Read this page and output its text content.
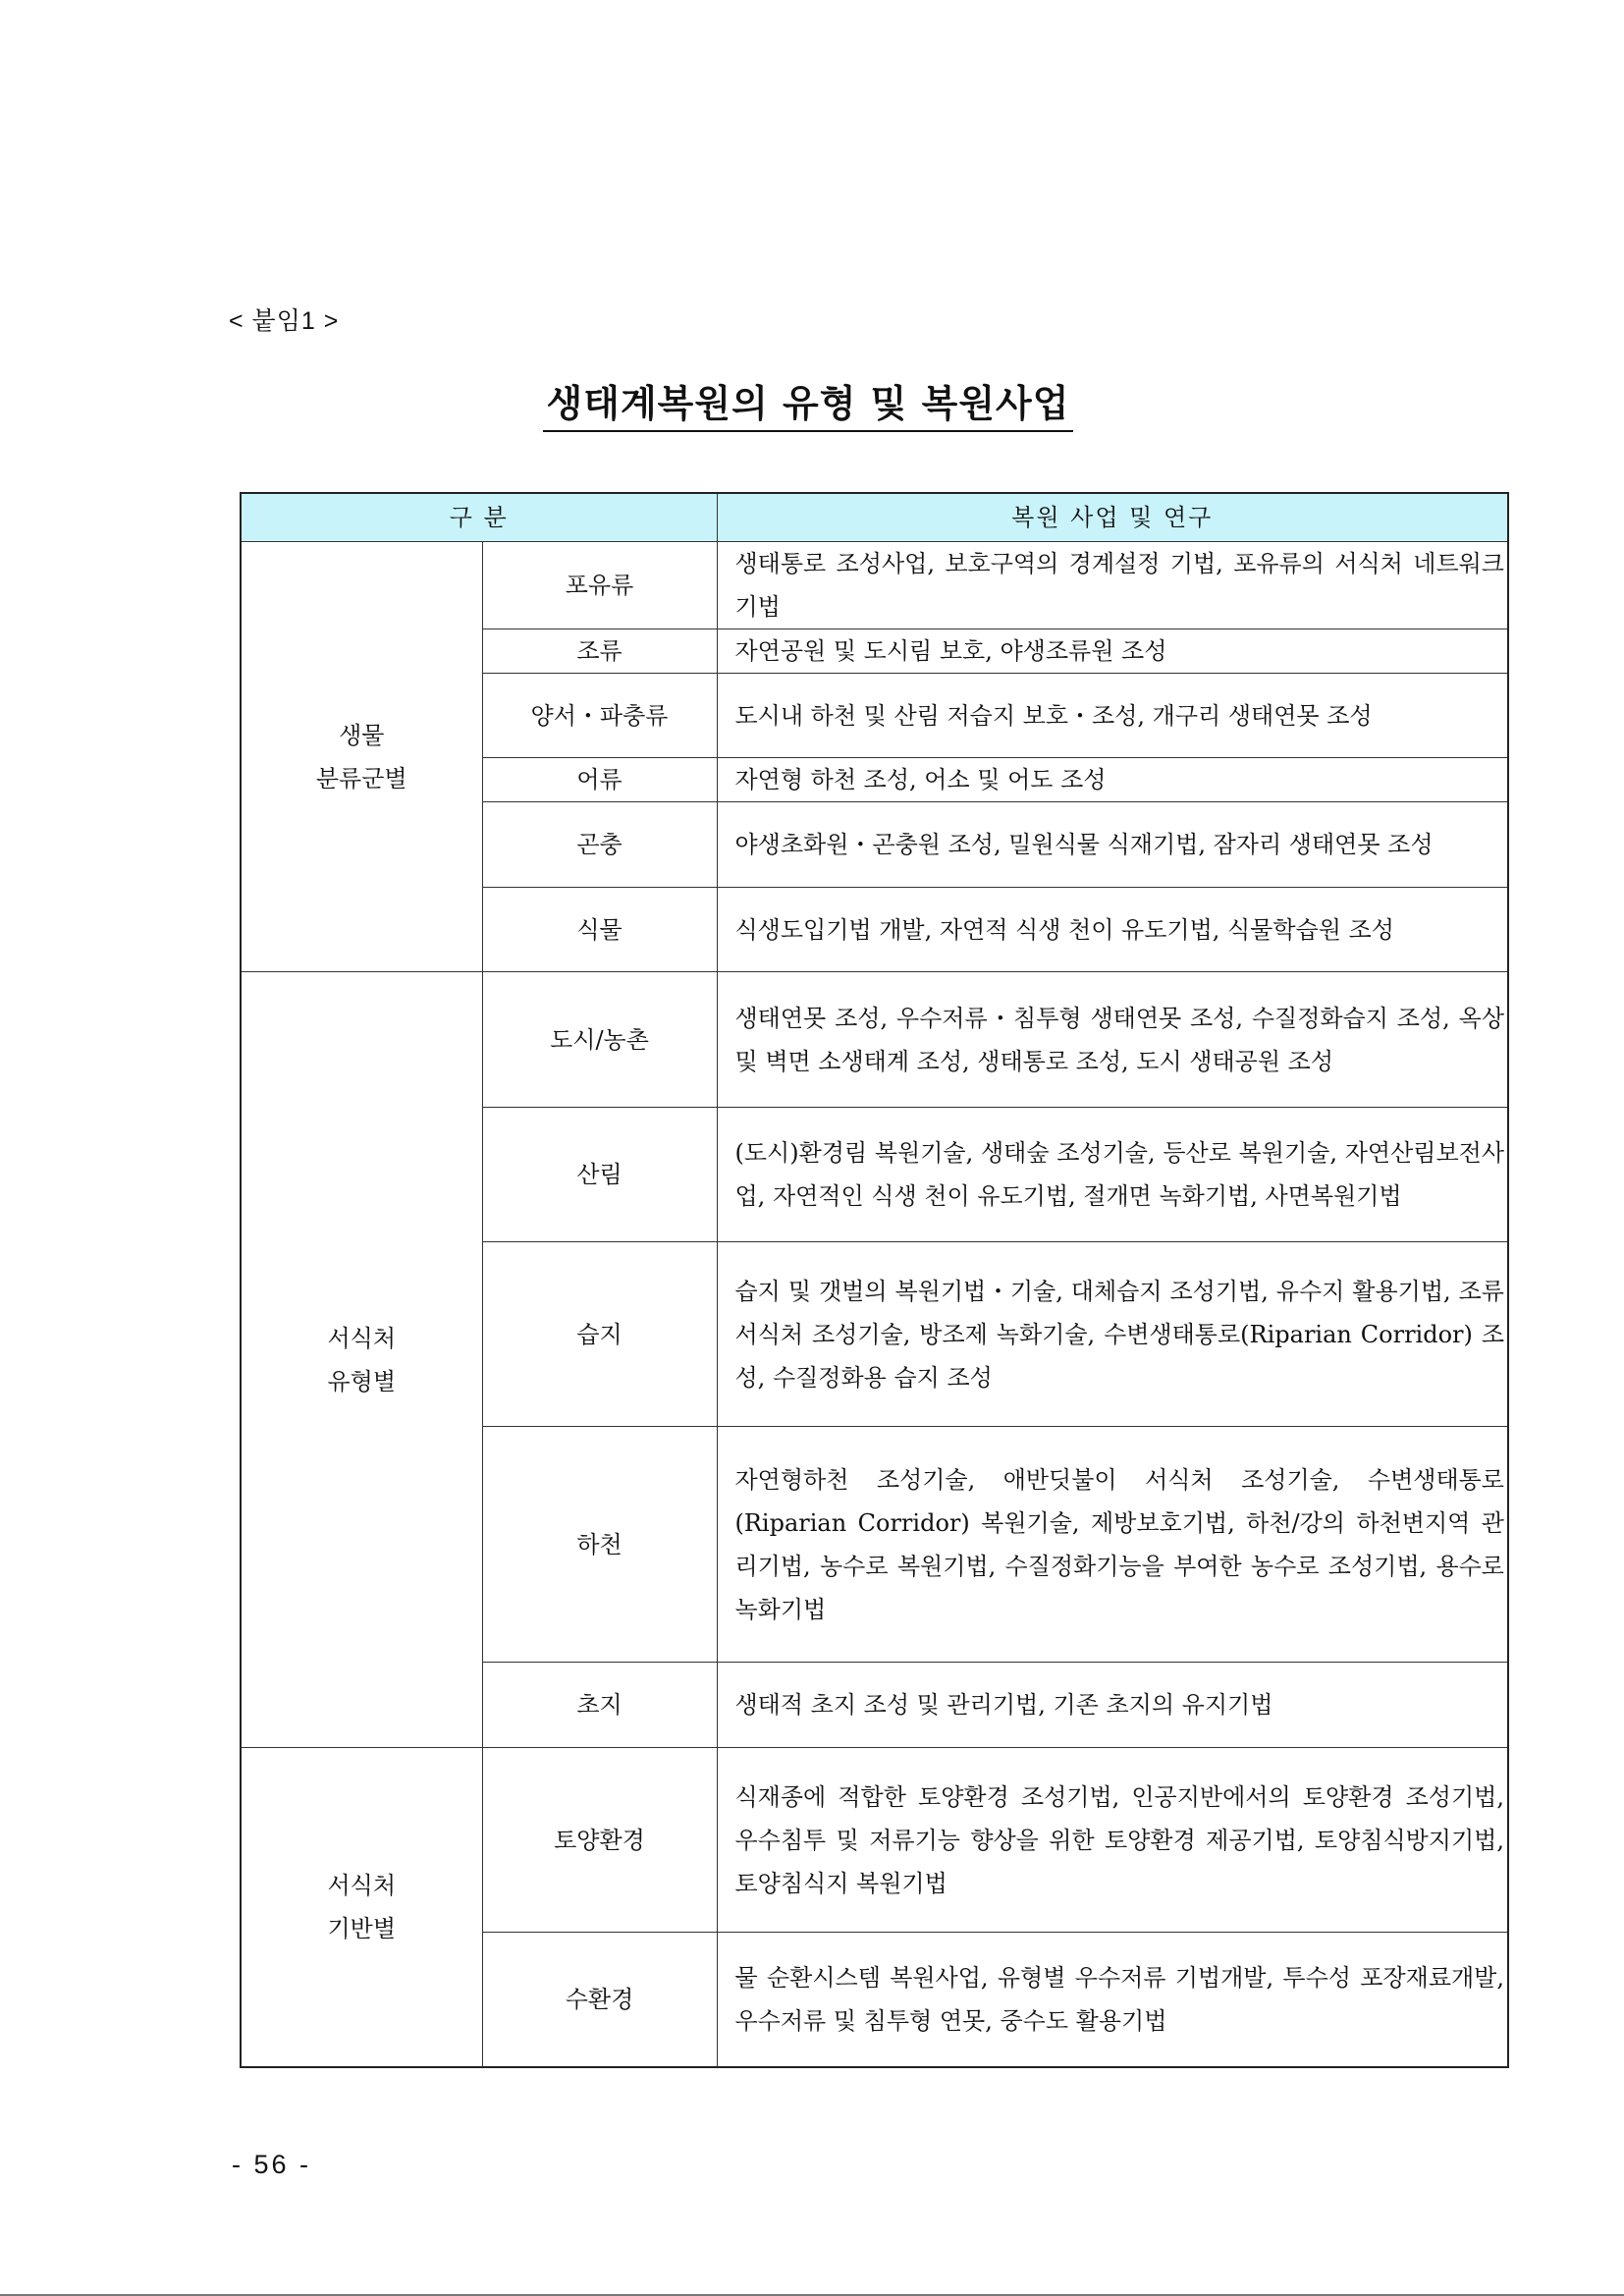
< 붙임1 >
생태계복원의 유형 및 복원사업
구 분		복원 사업 및 연구
생물
분류군별	포유류	생태통로 조성사업, 보호구역의 경계설정 기법, 포유류의 서식처 네트워크 기법
	조류	자연공원 및 도시림 보호, 야생조류원 조성
	양서・파충류	도시내 하천 및 산림 저습지 보호・조성, 개구리 생태연못 조성
	어류	자연형 하천 조성, 어소 및 어도 조성
	곤충	야생초화원・곤충원 조성, 밀원식물 식재기법, 잠자리 생태연못 조성
	식물	식생도입기법 개발, 자연적 식생 천이 유도기법, 식물학습원 조성
서식처
유형별	도시/농촌	생태연못 조성, 우수저류・침투형 생태연못 조성, 수질정화습지 조성, 옥상 및 벽면 소생태계 조성, 생태통로 조성, 도시 생태공원 조성
	산림	(도시)환경림 복원기술, 생태숲 조성기술, 등산로 복원기술, 자연산림보전사업, 자연적인 식생 천이 유도기법, 절개면 녹화기법, 사면복원기법
	습지	습지 및 갯벌의 복원기법・기술, 대체습지 조성기법, 유수지 활용기법, 조류서식처 조성기술, 방조제 녹화기술, 수변생태통로(Riparian Corridor) 조성, 수질정화용 습지 조성
	하천	자연형하천 조성기술, 애반딧불이 서식처 조성기술, 수변생태통로(Riparian Corridor) 복원기술, 제방보호기법, 하천/강의 하천변지역 관리기법, 농수로 복원기법, 수질정화기능을 부여한 농수로 조성기법, 용수로 녹화기법
	초지	생태적 초지 조성 및 관리기법, 기존 초지의 유지기법
서식처
기반별	토양환경	식재종에 적합한 토양환경 조성기법, 인공지반에서의 토양환경 조성기법, 우수침투 및 저류기능 향상을 위한 토양환경 제공기법, 토양침식방지기법, 토양침식지 복원기법
	수환경	물 순환시스템 복원사업, 유형별 우수저류 기법개발, 투수성 포장재료개발, 우수저류 및 침투형 연못, 중수도 활용기법
- 56 -
